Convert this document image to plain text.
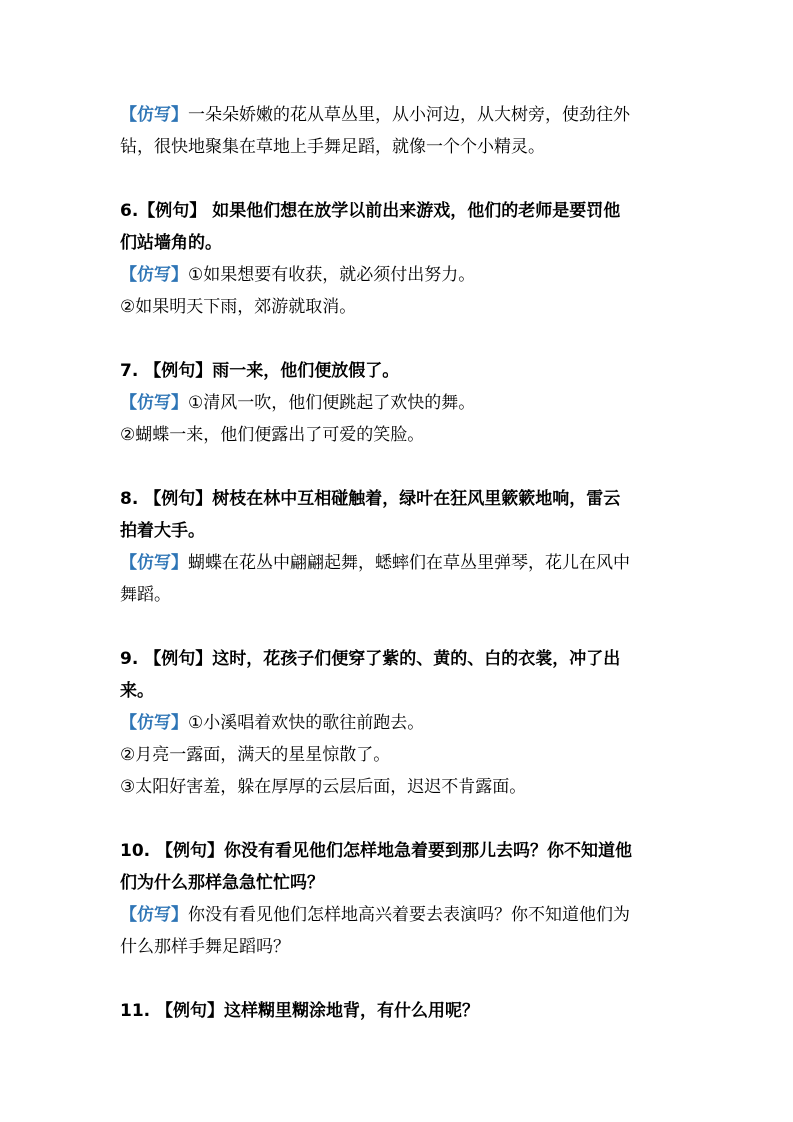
【仿写】一朵朵娇嫩的花从草丛里，从小河边，从大树旁，使劲往外
钻，很快地聚集在草地上手舞足蹈，就像一个个小精灵。
6.【例句】 如果他们想在放学以前出来游戏，他们的老师是要罚他
们站墙角的。
【仿写】①如果想要有收获，就必须付出努力。
②如果明天下雨，郊游就取消。
7. 【例句】雨一来，他们便放假了。
【仿写】①清风一吹，他们便跳起了欢快的舞。
②蝴蝶一来，他们便露出了可爱的笑脸。
8. 【例句】树枝在林中互相碰触着，绿叶在狂风里簌簌地响，雷云
拍着大手。
【仿写】蝴蝶在花丛中翩翩起舞，蟋蟀们在草丛里弹琴，花儿在风中
舞蹈。
9. 【例句】这时，花孩子们便穿了紫的、黄的、白的衣裳，冲了出
来。
【仿写】①小溪唱着欢快的歌往前跑去。
②月亮一露面，满天的星星惊散了。
③太阳好害羞，躲在厚厚的云层后面，迟迟不肯露面。
10. 【例句】你没有看见他们怎样地急着要到那儿去吗？你不知道他
们为什么那样急急忙忙吗？
【仿写】你没有看见他们怎样地高兴着要去表演吗？你不知道他们为
什么那样手舞足蹈吗？
11. 【例句】这样糊里糊涂地背，有什么用呢？
